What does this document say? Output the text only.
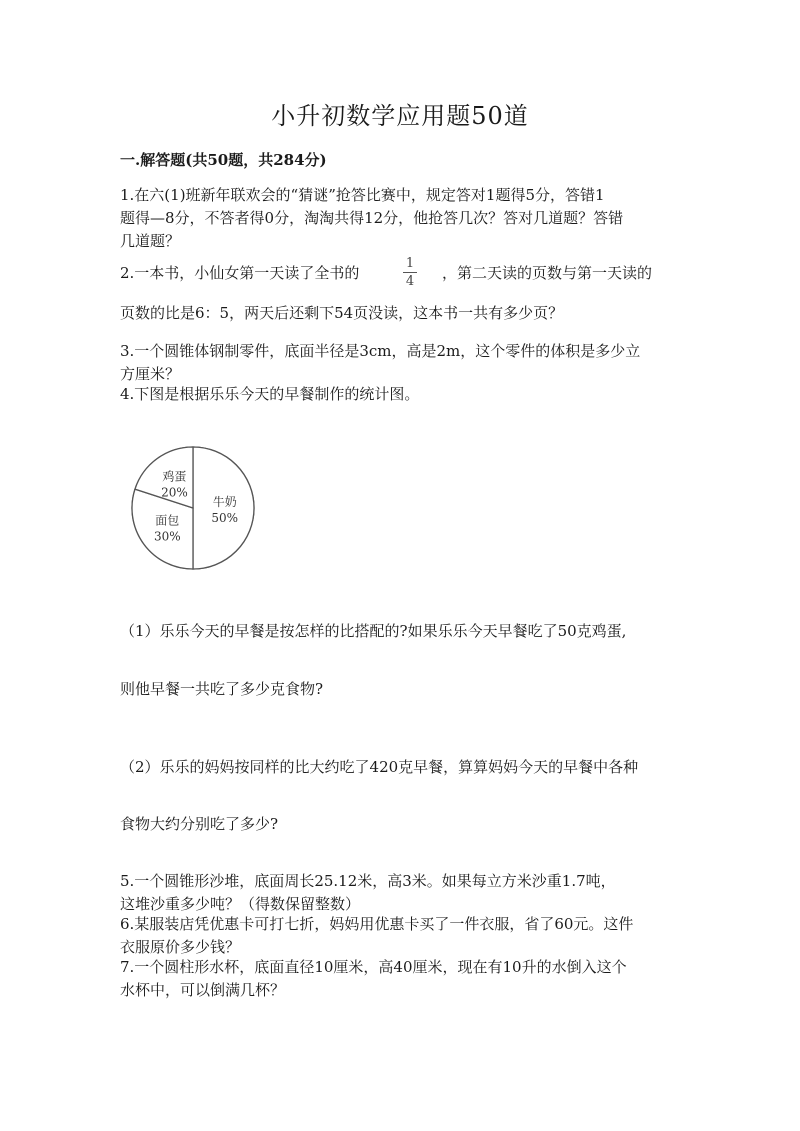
小升初数学应用题50道
一.解答题(共50题，共284分)
1.在六(1)班新年联欢会的“猜谜”抢答比赛中，规定答对1题得5分，答错1
题得—8分，不答者得0分，淘淘共得12分，他抢答几次？答对几道题？答错
几道题？
2.一本书，小仙女第一天读了全书的
1
4	，第二天读的页数与第一天读的
页数的比是6：5，两天后还剩下54页没读，这本书一共有多少页？
3.一个圆锥体钢制零件，底面半径是3cm，高是2m，这个零件的体积是多少立
方厘米？
4.下图是根据乐乐今天的早餐制作的统计图。
牛奶
50%
面包
30%
鸡蛋
20%
（1）乐乐今天的早餐是按怎样的比搭配的?如果乐乐今天早餐吃了50克鸡蛋,
则他早餐一共吃了多少克食物?
（2）乐乐的妈妈按同样的比大约吃了420克早餐，算算妈妈今天的早餐中各种
食物大约分别吃了多少?
5.一个圆锥形沙堆，底面周长25.12米，高3米。如果每立方米沙重1.7吨，
这堆沙重多少吨？（得数保留整数）
6.某服装店凭优惠卡可打七折，妈妈用优惠卡买了一件衣服，省了60元。这件
衣服原价多少钱？
7.一个圆柱形水杯，底面直径10厘米，高40厘米，现在有10升的水倒入这个
水杯中，可以倒满几杯？
